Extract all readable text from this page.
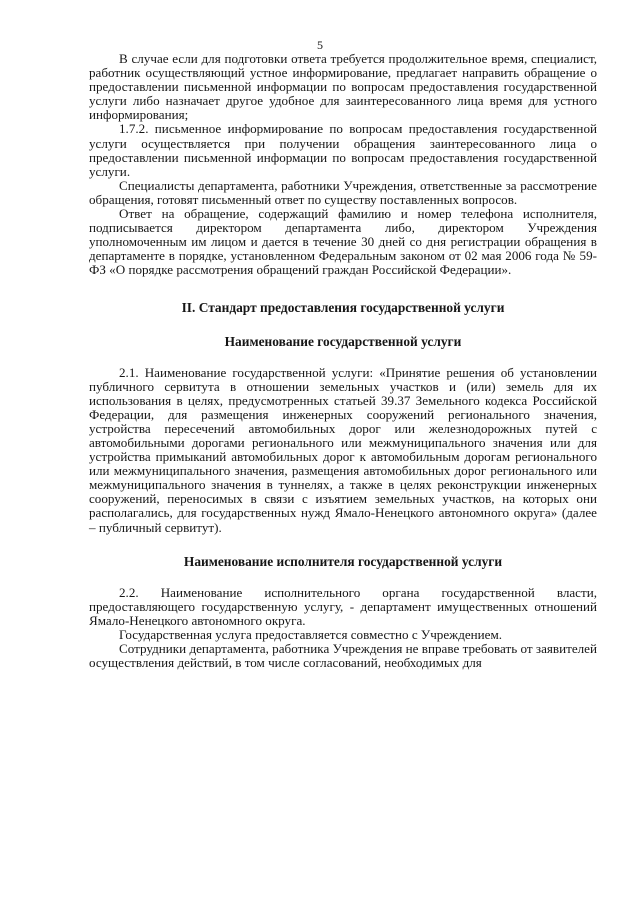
5

В случае если для подготовки ответа требуется продолжительное время, специалист, работник осуществляющий устное информирование, предлагает направить обращение о предоставлении письменной информации по вопросам предоставления государственной услуги либо назначает другое удобное для заинтересованного лица время для устного информирования;

1.7.2. письменное информирование по вопросам предоставления государственной услуги осуществляется при получении обращения заинтересованного лица о предоставлении письменной информации по вопросам предоставления государственной услуги.

Специалисты департамента, работники Учреждения, ответственные за рассмотрение обращения, готовят письменный ответ по существу поставленных вопросов.

Ответ на обращение, содержащий фамилию и номер телефона исполнителя, подписывается директором департамента либо, директором Учреждения уполномоченным им лицом и дается в течение 30 дней со дня регистрации обращения в департаменте в порядке, установленном Федеральным законом от 02 мая 2006 года № 59-ФЗ «О порядке рассмотрения обращений граждан Российской Федерации».

II. Стандарт предоставления государственной услуги

Наименование государственной услуги

2.1. Наименование государственной услуги: «Принятие решения об установлении публичного сервитута в отношении земельных участков и (или) земель для их использования в целях, предусмотренных статьей 39.37 Земельного кодекса Российской Федерации, для размещения инженерных сооружений регионального значения, устройства пересечений автомобильных дорог или железнодорожных путей с автомобильными дорогами регионального или межмуниципального значения или для устройства примыканий автомобильных дорог к автомобильным дорогам регионального или межмуниципального значения, размещения автомобильных дорог регионального или межмуниципального значения в туннелях, а также в целях реконструкции инженерных сооружений, переносимых в связи с изъятием земельных участков, на которых они располагались, для государственных нужд Ямало-Ненецкого автономного округа» (далее – публичный сервитут).

Наименование исполнителя государственной услуги

2.2. Наименование исполнительного органа государственной власти, предоставляющего государственную услугу, - департамент имущественных отношений Ямало-Ненецкого автономного округа.

Государственная услуга предоставляется совместно с Учреждением.

Сотрудники департамента, работника Учреждения не вправе требовать от заявителей осуществления действий, в том числе согласований, необходимых для
